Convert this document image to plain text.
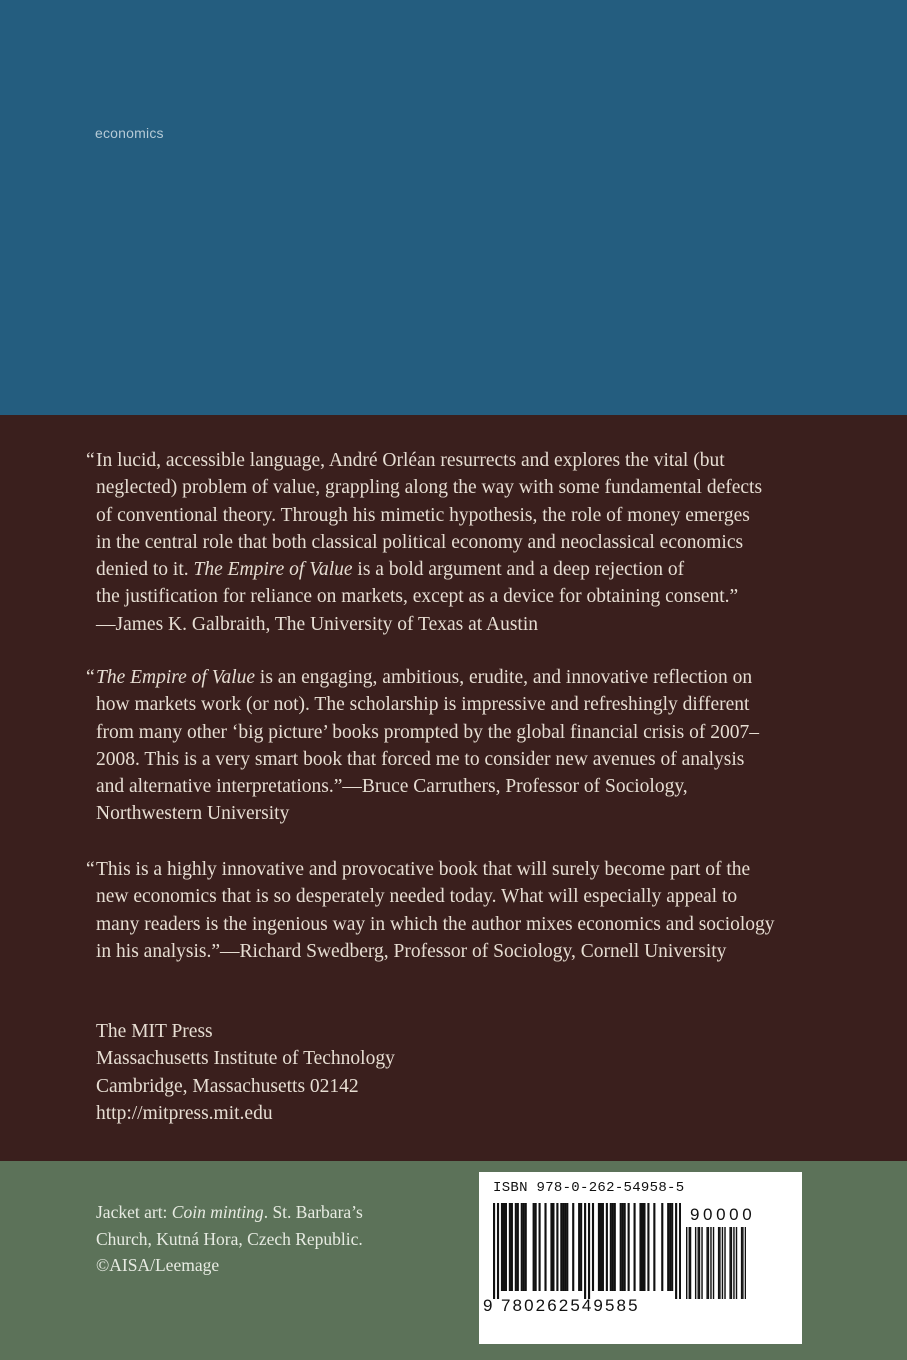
economics
“ In lucid, accessible language, André Orléan resurrects and explores the vital (but
neglected) problem of value, grappling along the way with some fundamental defects
of conventional theory. Through his mimetic hypothesis, the role of money emerges
in the central role that both classical political economy and neoclassical economics
denied to it. The Empire of Value is a bold argument and a deep rejection of
the justification for reliance on markets, except as a device for obtaining consent.”
—James K. Galbraith, The University of Texas at Austin
“ The Empire of Value is an engaging, ambitious, erudite, and innovative reflection on
how markets work (or not). The scholarship is impressive and refreshingly different
from many other ‘big picture’ books prompted by the global financial crisis of 2007–
2008. This is a very smart book that forced me to consider new avenues of analysis
and alternative interpretations.”—Bruce Carruthers, Professor of Sociology,
Northwestern University
“ This is a highly innovative and provocative book that will surely become part of the
new economics that is so desperately needed today. What will especially appeal to
many readers is the ingenious way in which the author mixes economics and sociology
in his analysis.”—Richard Swedberg, Professor of Sociology, Cornell University
The MIT Press
Massachusetts Institute of Technology
Cambridge, Massachusetts 02142
http://mitpress.mit.edu
Jacket art: Coin minting. St. Barbara’s
Church, Kutná Hora, Czech Republic.
©AISA/Leemage
ISBN 978-0-262-54958-5
9 780262549585
90000
